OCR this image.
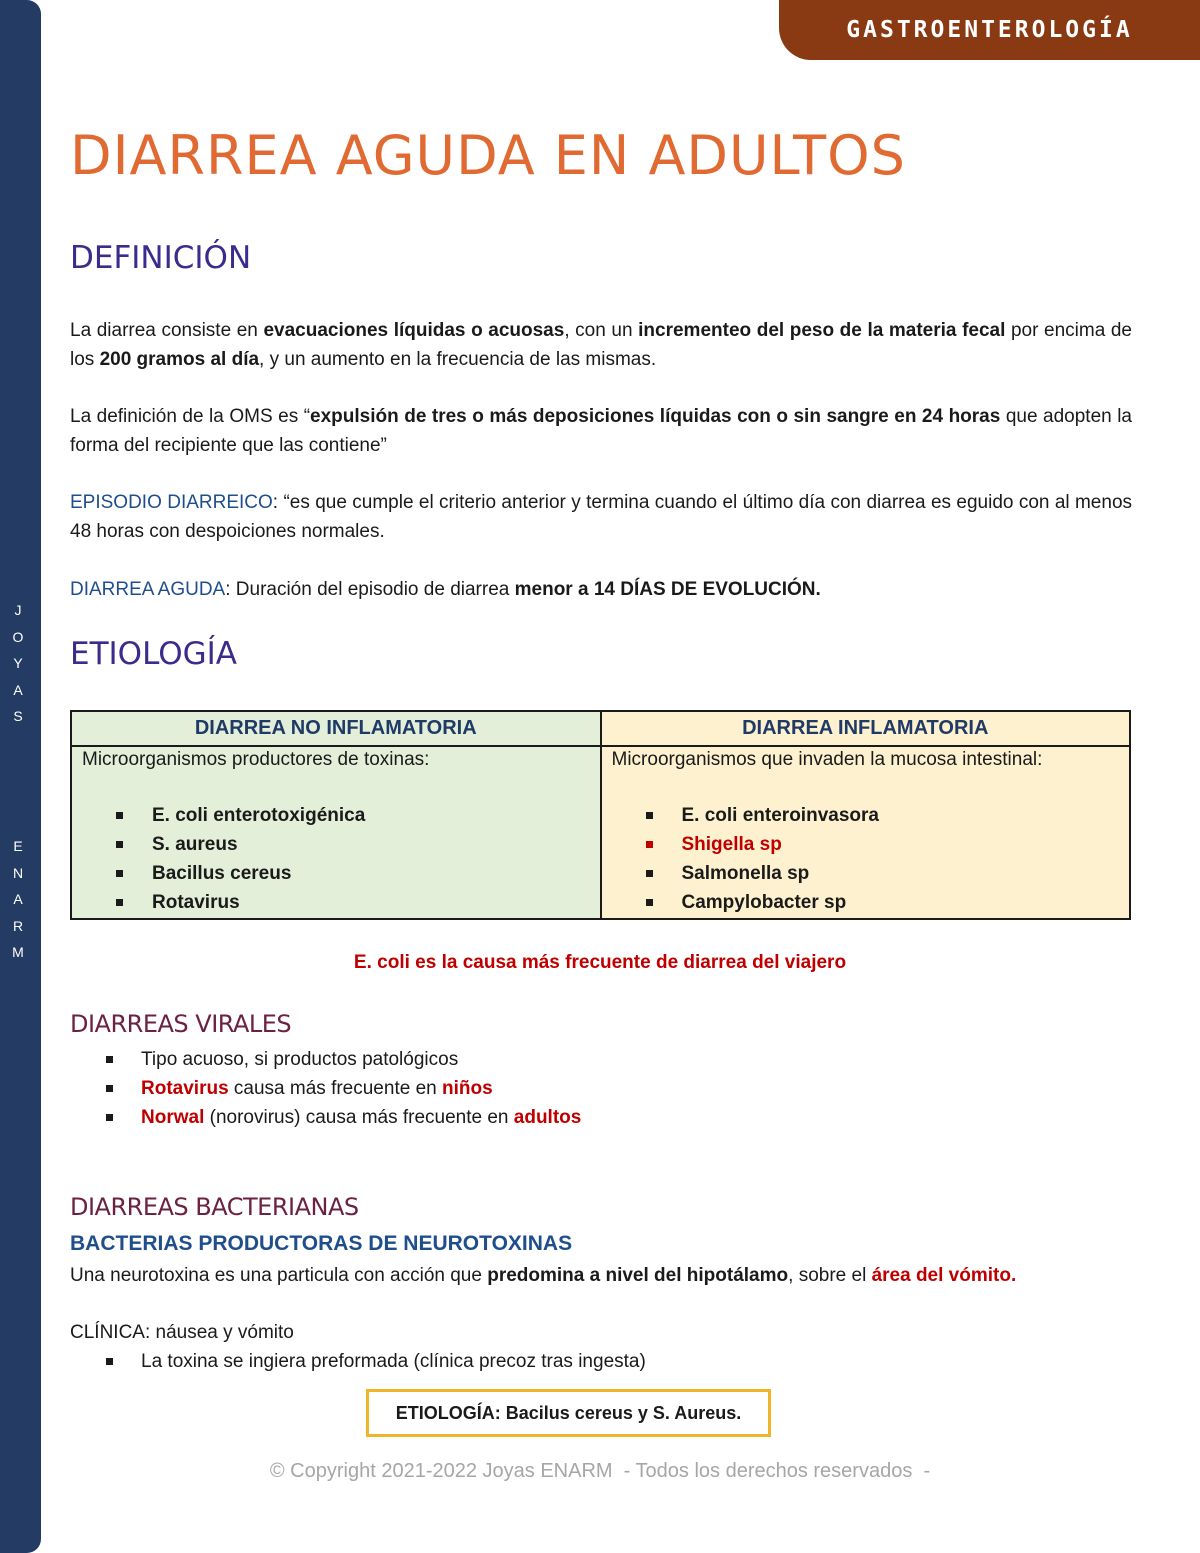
J
O
Y
A
S
E
N
A
R
M
GASTROENTEROLOGÍA
DIARREA AGUDA EN ADULTOS
DEFINICIÓN

La diarrea consiste en evacuaciones líquidas o acuosas, con un incrementeo del peso de la materia fecal por encima de los 200 gramos al día, y un aumento en la frecuencia de las mismas.

La definición de la OMS es “expulsión de tres o más deposiciones líquidas con o sin sangre en 24 horas que adopten la forma del recipiente que las contiene”

EPISODIO DIARREICO: “es que cumple el criterio anterior y termina cuando el último día con diarrea es eguido con al menos 48 horas con despoiciones normales.

DIARREA AGUDA: Duración del episodio de diarrea menor a 14 DÍAS DE EVOLUCIÓN.

ETIOLOGÍA
DIARREA NO INFLAMATORIA
Microorganismos productores de toxinas:
E. coli enterotoxigénica
S. aureus
Bacillus cereus
Rotavirus
DIARREA INFLAMATORIA
Microorganismos que invaden la mucosa intestinal:
E. coli enteroinvasora
Shigella sp
Salmonella sp
Campylobacter sp

E. coli es la causa más frecuente de diarrea del viajero

DIARREAS VIRALES
Tipo acuoso, si productos patológicos
Rotavirus causa más frecuente en niños
Norwal (norovirus) causa más frecuente en adultos
DIARREAS BACTERIANAS

BACTERIAS PRODUCTORAS DE NEUROTOXINAS

Una neurotoxina es una particula con acción que predomina a nivel del hipotálamo, sobre el área del vómito.

CLÍNICA: náusea y vómito

La toxina se ingiera preformada (clínica precoz tras ingesta)
ETIOLOGÍA: Bacilus cereus y S. Aureus.
© Copyright 2021-2022 Joyas ENARM  - Todos los derechos reservados  -
